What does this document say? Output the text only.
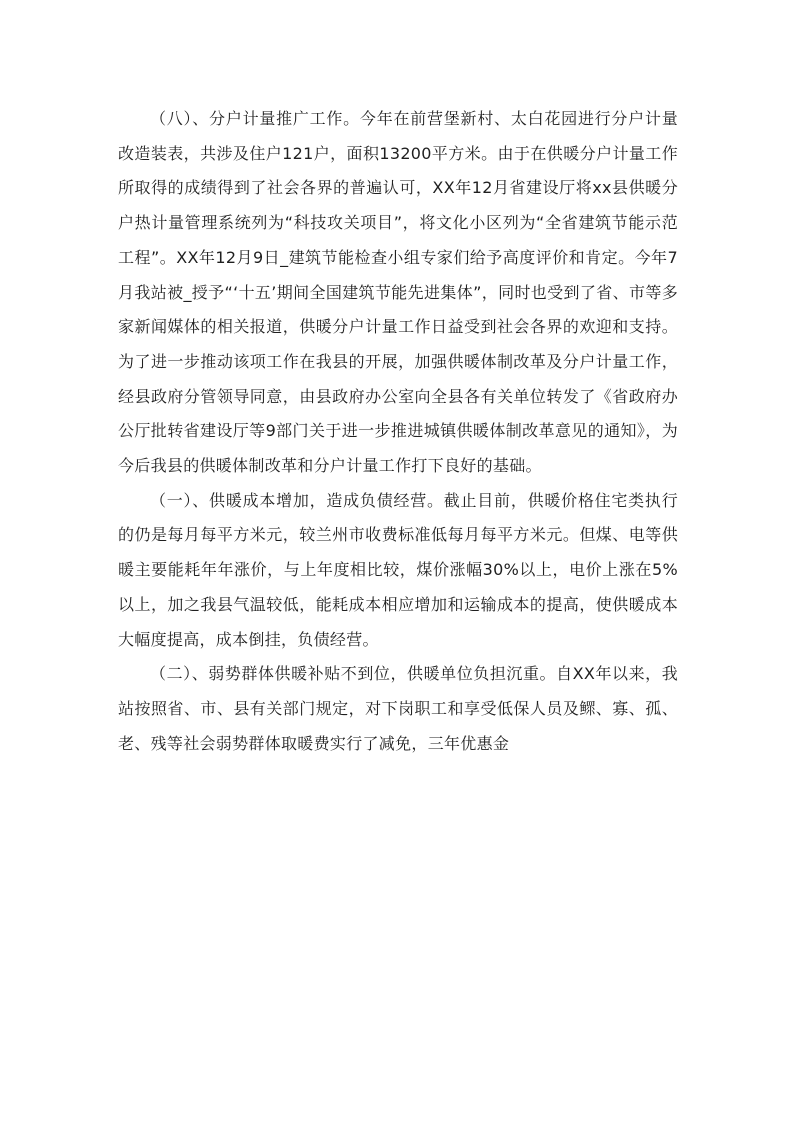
（八）、分户计量推广工作。今年在前营堡新村、太白花园进行分户计量改造装表，共涉及住户121户，面积13200平方米。由于在供暖分户计量工作所取得的成绩得到了社会各界的普遍认可，XX年12月省建设厅将xx县供暖分户热计量管理系统列为“科技攻关项目”，将文化小区列为“全省建筑节能示范工程”。XX年12月9日_建筑节能检查小组专家们给予高度评价和肯定。今年7月我站被_授予“‘十五’期间全国建筑节能先进集体”，同时也受到了省、市等多家新闻媒体的相关报道，供暖分户计量工作日益受到社会各界的欢迎和支持。为了进一步推动该项工作在我县的开展，加强供暖体制改革及分户计量工作，经县政府分管领导同意，由县政府办公室向全县各有关单位转发了《省政府办公厅批转省建设厅等9部门关于进一步推进城镇供暖体制改革意见的通知》，为今后我县的供暖体制改革和分户计量工作打下良好的基础。

（一）、供暖成本增加，造成负债经营。截止目前，供暖价格住宅类执行的仍是每月每平方米元，较兰州市收费标准低每月每平方米元。但煤、电等供暖主要能耗年年涨价，与上年度相比较，煤价涨幅30%以上，电价上涨在5%以上，加之我县气温较低，能耗成本相应增加和运输成本的提高，使供暖成本大幅度提高，成本倒挂，负债经营。

（二）、弱势群体供暖补贴不到位，供暖单位负担沉重。自XX年以来，我站按照省、市、县有关部门规定，对下岗职工和享受低保人员及鳏、寡、孤、老、残等社会弱势群体取暖费实行了减免，三年优惠金
